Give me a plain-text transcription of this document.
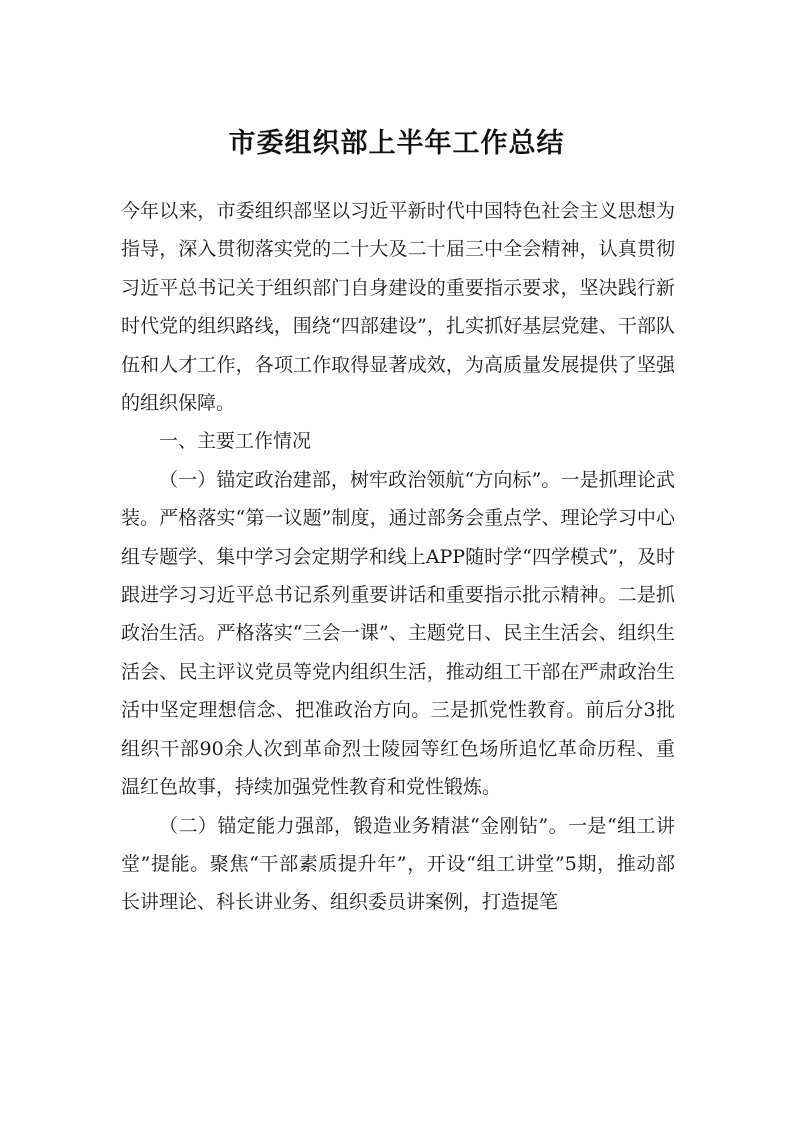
市委组织部上半年工作总结

今年以来，市委组织部坚以习近平新时代中国特色社会主义思想为指导，深入贯彻落实党的二十大及二十届三中全会精神，认真贯彻习近平总书记关于组织部门自身建设的重要指示要求，坚决践行新时代党的组织路线，围绕“四部建设”，扎实抓好基层党建、干部队伍和人才工作，各项工作取得显著成效，为高质量发展提供了坚强的组织保障。

一、主要工作情况

（一）锚定政治建部，树牢政治领航“方向标”。一是抓理论武装。严格落实“第一议题”制度，通过部务会重点学、理论学习中心组专题学、集中学习会定期学和线上APP随时学“四学模式”，及时跟进学习习近平总书记系列重要讲话和重要指示批示精神。二是抓政治生活。严格落实“三会一课”、主题党日、民主生活会、组织生活会、民主评议党员等党内组织生活，推动组工干部在严肃政治生活中坚定理想信念、把准政治方向。三是抓党性教育。前后分3批组织干部90余人次到革命烈士陵园等红色场所追忆革命历程、重温红色故事，持续加强党性教育和党性锻炼。

（二）锚定能力强部，锻造业务精湛“金刚钻”。一是“组工讲堂”提能。聚焦“干部素质提升年”，开设“组工讲堂”5期，推动部长讲理论、科长讲业务、组织委员讲案例，打造提笔
